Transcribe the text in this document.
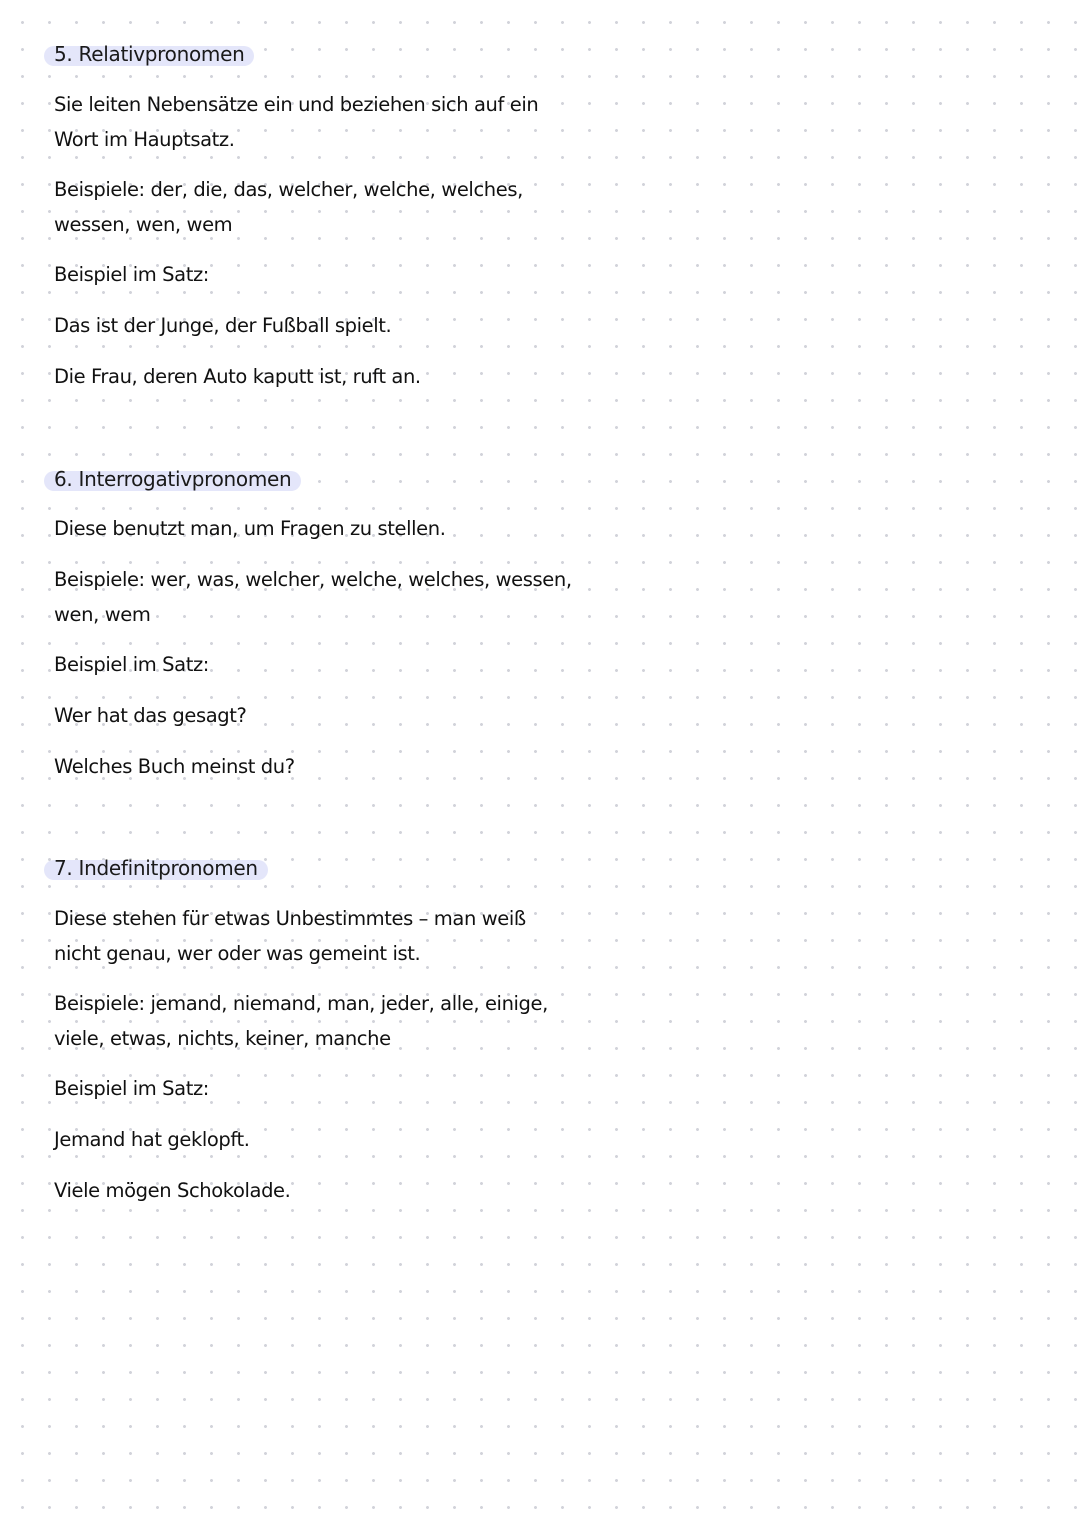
5. Relativpronomen
Sie leiten Nebensätze ein und beziehen sich auf ein
Wort im Hauptsatz.
Beispiele: der, die, das, welcher, welche, welches,
wessen, wen, wem
Beispiel im Satz:
Das ist der Junge, der Fußball spielt.
Die Frau, deren Auto kaputt ist, ruft an.
6. Interrogativpronomen
Diese benutzt man, um Fragen zu stellen.
Beispiele: wer, was, welcher, welche, welches, wessen,
wen, wem
Beispiel im Satz:
Wer hat das gesagt?
Welches Buch meinst du?
7. Indefinitpronomen
Diese stehen für etwas Unbestimmtes – man weiß
nicht genau, wer oder was gemeint ist.
Beispiele: jemand, niemand, man, jeder, alle, einige,
viele, etwas, nichts, keiner, manche
Beispiel im Satz:
Jemand hat geklopft.
Viele mögen Schokolade.
